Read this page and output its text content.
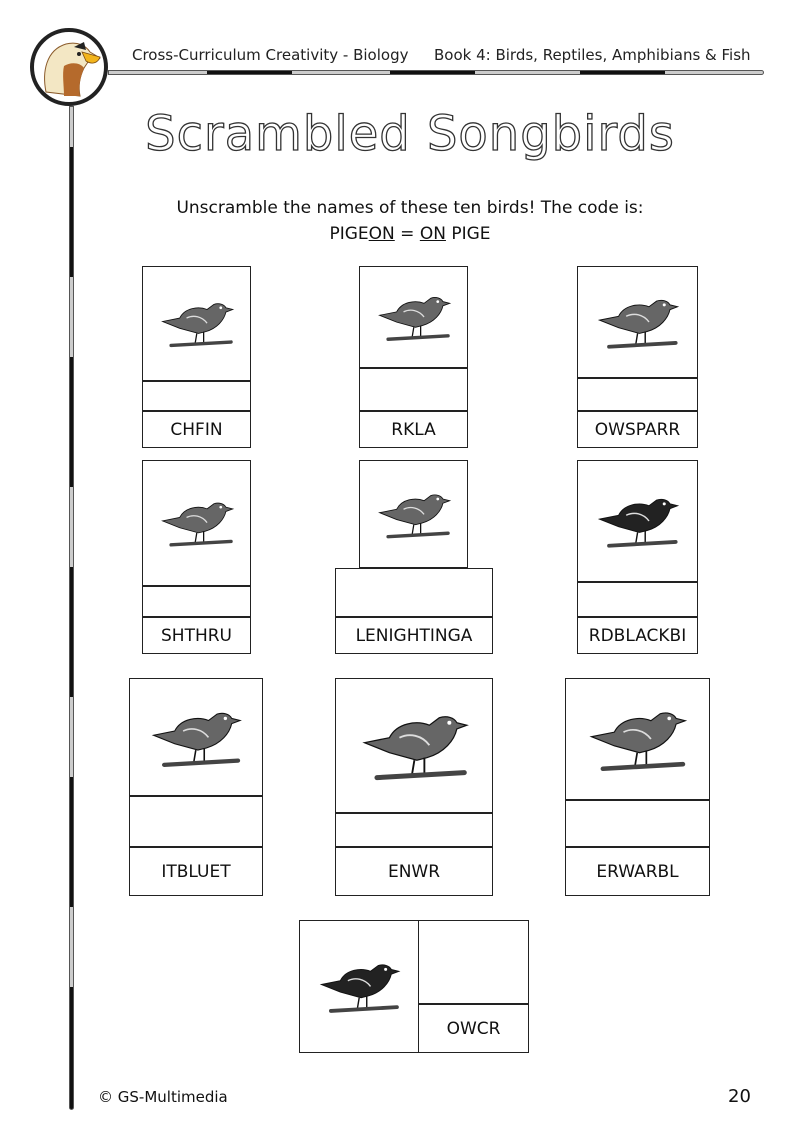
Cross-Curriculum Creativity - Biology Book 4: Birds, Reptiles, Amphibians & Fish
Scrambled Songbirds
Unscramble the names of these ten birds! The code is:
PIGEON = ON PIGE
CHFIN	RKLA	OWSPARR
SHTHRU	LENIGHTINGA	RDBLACKBI
ITBLUET	ENWR	ERWARBL
OWCR
© GS-Multimedia	20
